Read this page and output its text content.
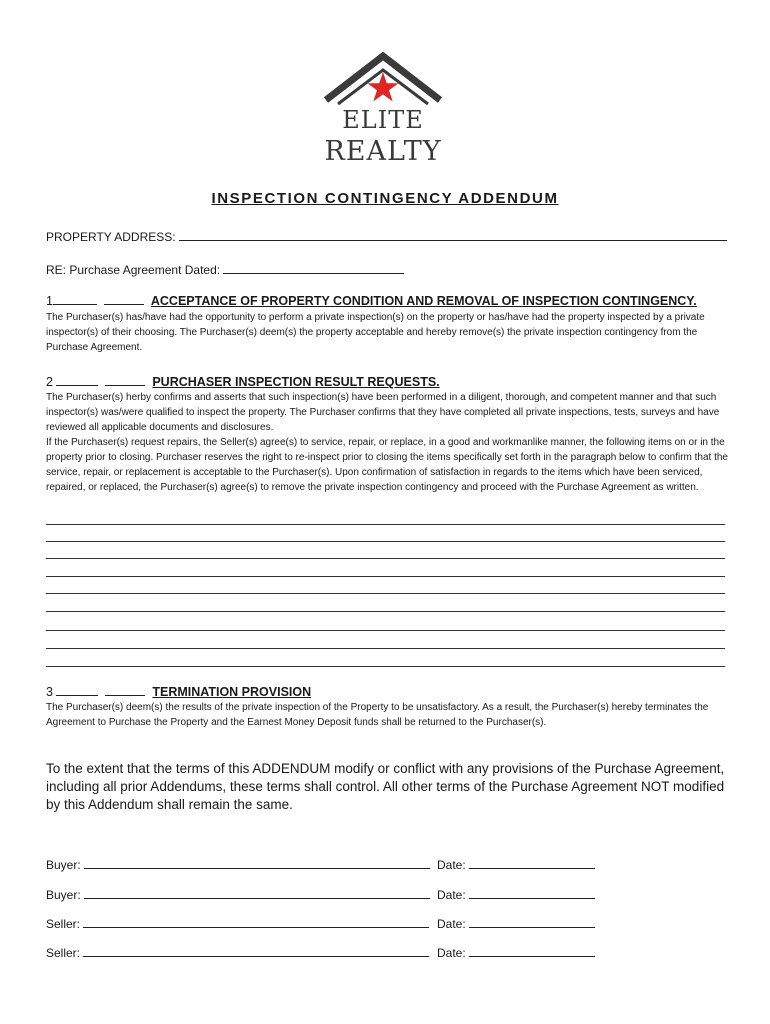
ELITE
REALTY
INSPECTION CONTINGENCY ADDENDUM
PROPERTY ADDRESS:
RE: Purchase Agreement Dated:
1	ACCEPTANCE OF PROPERTY CONDITION AND REMOVAL OF INSPECTION CONTINGENCY.
The Purchaser(s) has/have had the opportunity to perform a private inspection(s) on the property or has/have had the property inspected by a private inspector(s) of their choosing. The Purchaser(s) deem(s) the property acceptable and hereby remove(s) the private inspection contingency from the Purchase Agreement.
2	PURCHASER INSPECTION RESULT REQUESTS.
The Purchaser(s) herby confirms and asserts that such inspection(s) have been performed in a diligent, thorough, and competent manner and that such inspector(s) was/were qualified to inspect the property. The Purchaser confirms that they have completed all private inspections, tests, surveys and have reviewed all applicable documents and disclosures.
If the Purchaser(s) request repairs, the Seller(s) agree(s) to service, repair, or replace, in a good and workmanlike manner, the following items on or in the property prior to closing. Purchaser reserves the right to re-inspect prior to closing the items specifically set forth in the paragraph below to confirm that the service, repair, or replacement is acceptable to the Purchaser(s). Upon confirmation of satisfaction in regards to the items which have been serviced, repaired, or replaced, the Purchaser(s) agree(s) to remove the private inspection contingency and proceed with the Purchase Agreement as written.
3	TERMINATION PROVISION
The Purchaser(s) deem(s) the results of the private inspection of the Property to be unsatisfactory. As a result, the Purchaser(s) hereby terminates the Agreement to Purchase the Property and the Earnest Money Deposit funds shall be returned to the Purchaser(s).
To the extent that the terms of this ADDENDUM modify or conflict with any provisions of the Purchase Agreement, including all prior Addendums, these terms shall control. All other terms of the Purchase Agreement NOT modified by this Addendum shall remain the same.
Buyer:	Date:
Buyer:	Date:
Seller:	Date:
Seller:	Date:
